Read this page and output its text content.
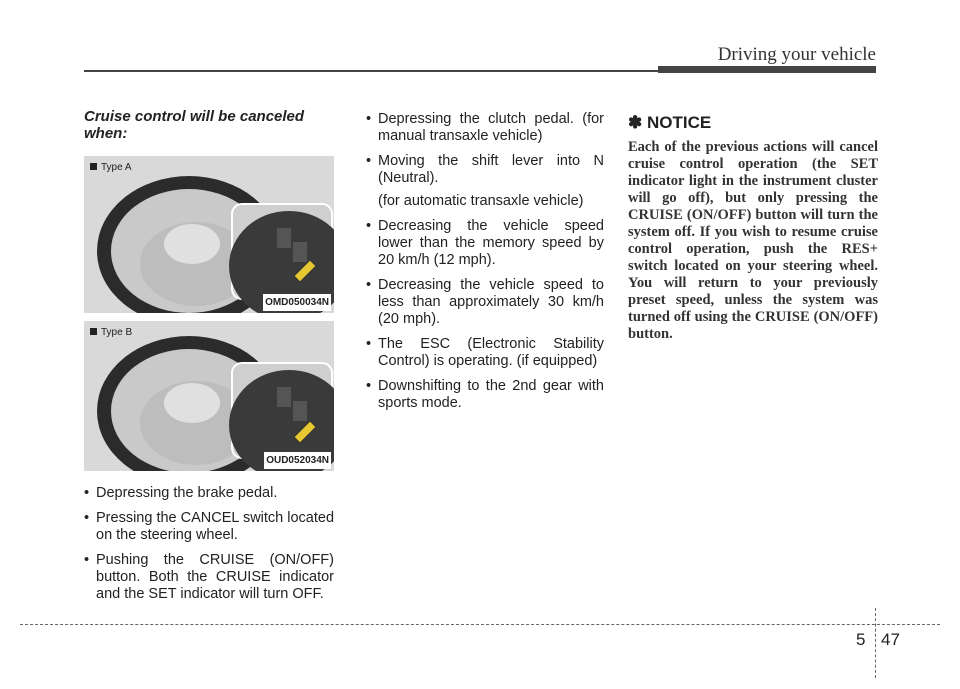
Driving your vehicle
Cruise control will be canceled when:
Type A
OMD050034N
Type B
OUD052034N
• Depressing the brake pedal.
• Pressing the CANCEL switch located on the steering wheel.
• Pushing the CRUISE (ON/OFF) button. Both the CRUISE indicator and the SET indicator will turn OFF.
• Depressing the clutch pedal. (for manual transaxle vehicle)
• Moving the shift lever into N (Neutral).
(for automatic transaxle vehicle)
• Decreasing the vehicle speed lower than the memory speed by 20 km/h (12 mph).
• Decreasing the vehicle speed to less than approximately 30 km/h (20 mph).
• The ESC (Electronic Stability Control) is operating. (if equipped)
• Downshifting to the 2nd gear with sports mode.
✽ NOTICE
Each of the previous actions will cancel cruise control operation (the SET indicator light in the instrument cluster will go off), but only pressing the CRUISE (ON/OFF) button will turn the system off. If you wish to resume cruise control operation, push the RES+ switch located on your steering wheel. You will return to your previously preset speed, unless the system was turned off using the CRUISE (ON/OFF) button.
5 47
